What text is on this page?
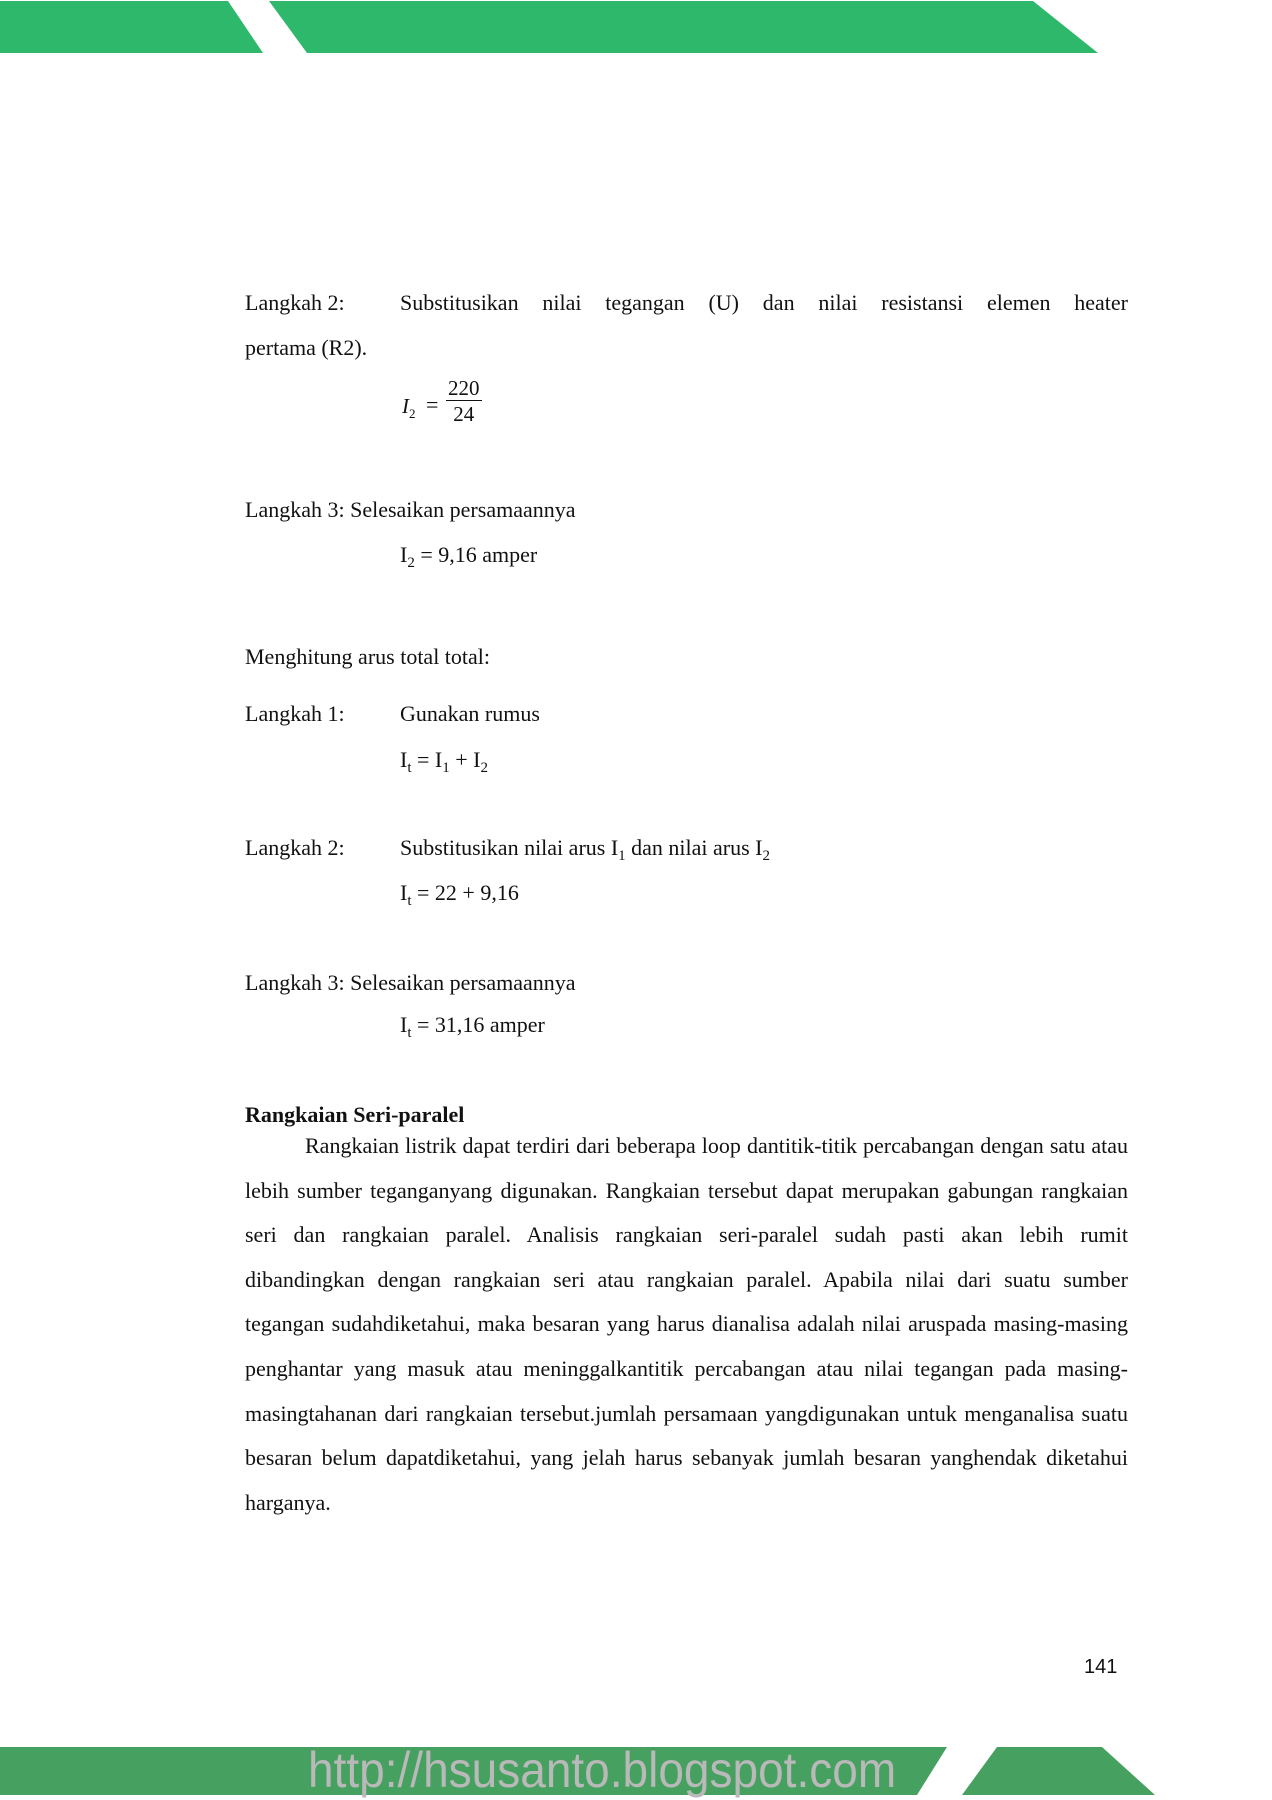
Langkah 2:	Substitusikan nilai tegangan (U) dan nilai resistansi elemen heater
pertama (R2).
$I_2 = \frac{220}{24}$
Langkah 3: Selesaikan persamaannya
$I_2 = 9,16$ amper
Menghitung arus total total:
Langkah 1:	Gunakan rumus
$I_t = I_1 + I_2$
Langkah 2:	Substitusikan nilai arus $I_1$ dan nilai arus $I_2$
$I_t = 22 + 9,16$
Langkah 3: Selesaikan persamaannya
$I_t = 31,16$ amper
Rangkaian Seri-paralel
Rangkaian listrik dapat terdiri dari beberapa loop dantitik-titik percabangan dengan satu atau lebih sumber teganganyang digunakan. Rangkaian tersebut dapat merupakan gabungan rangkaian seri dan rangkaian paralel. Analisis rangkaian seri-paralel sudah pasti akan lebih rumit dibandingkan dengan rangkaian seri atau rangkaian paralel. Apabila nilai dari suatu sumber tegangan sudahdiketahui, maka besaran yang harus dianalisa adalah nilai aruspada masing-masing penghantar yang masuk atau meninggalkantitik percabangan atau nilai tegangan pada masing-masingtahanan dari rangkaian tersebut.jumlah persamaan yangdigunakan untuk menganalisa suatu besaran belum dapatdiketahui, yang jelah harus sebanyak jumlah besaran yanghendak diketahui harganya.
141
http://hsusanto.blogspot.com
